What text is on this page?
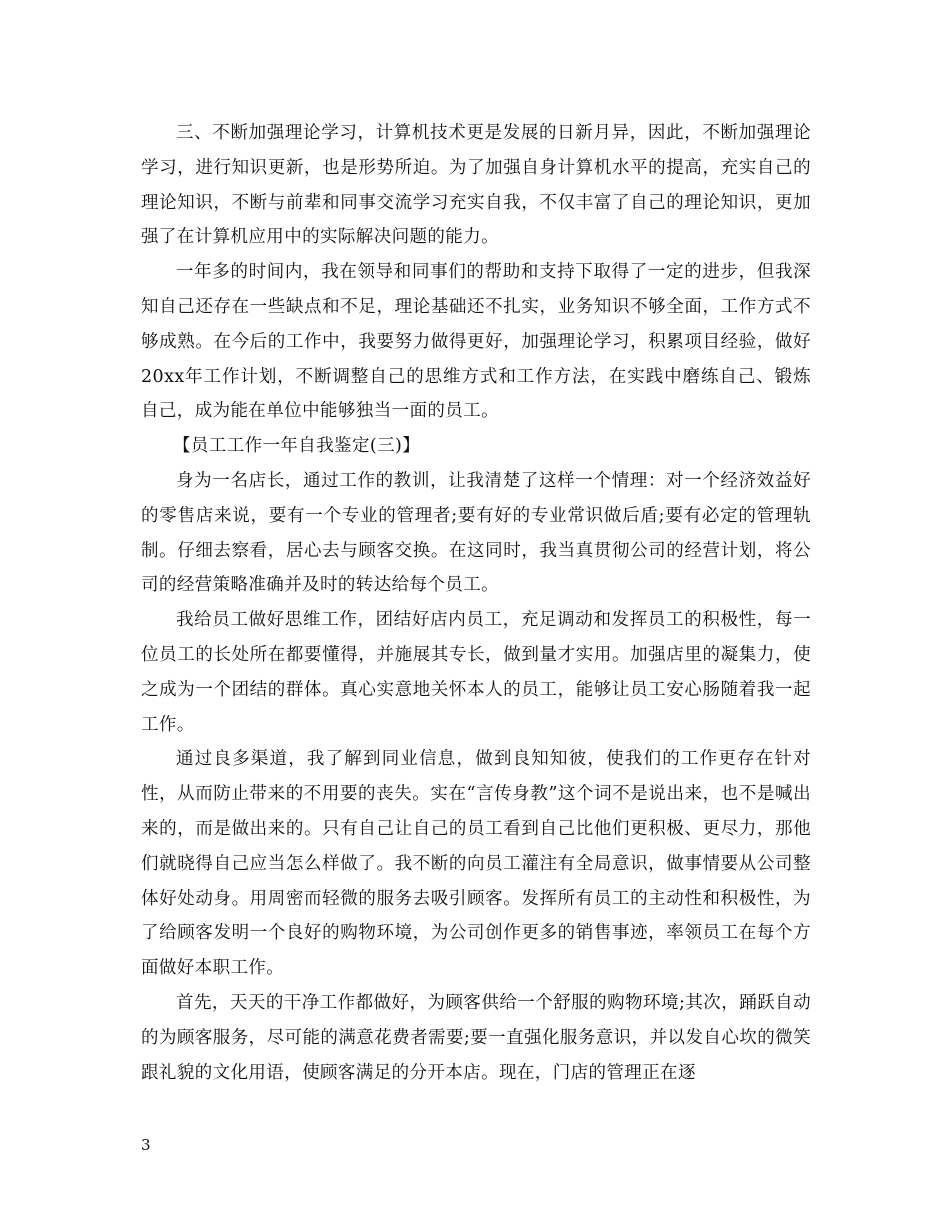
三、不断加强理论学习，计算机技术更是发展的日新月异，因此，不断加强理论学习，进行知识更新，也是形势所迫。为了加强自身计算机水平的提高，充实自己的理论知识，不断与前辈和同事交流学习充实自我，不仅丰富了自己的理论知识，更加强了在计算机应用中的实际解决问题的能力。

一年多的时间内，我在领导和同事们的帮助和支持下取得了一定的进步，但我深知自己还存在一些缺点和不足，理论基础还不扎实，业务知识不够全面，工作方式不够成熟。在今后的工作中，我要努力做得更好，加强理论学习，积累项目经验，做好20xx年工作计划，不断调整自己的思维方式和工作方法，在实践中磨练自己、锻炼自己，成为能在单位中能够独当一面的员工。

【员工工作一年自我鉴定(三)】

身为一名店长，通过工作的教训，让我清楚了这样一个情理：对一个经济效益好的零售店来说，要有一个专业的管理者;要有好的专业常识做后盾;要有必定的管理轨制。仔细去察看，居心去与顾客交换。在这同时，我当真贯彻公司的经营计划，将公司的经营策略准确并及时的转达给每个员工。

我给员工做好思维工作，团结好店内员工，充足调动和发挥员工的积极性，每一位员工的长处所在都要懂得，并施展其专长，做到量才实用。加强店里的凝集力，使之成为一个团结的群体。真心实意地关怀本人的员工，能够让员工安心肠随着我一起工作。

通过良多渠道，我了解到同业信息，做到良知知彼，使我们的工作更存在针对性，从而防止带来的不用要的丧失。实在“言传身教”这个词不是说出来，也不是喊出来的，而是做出来的。只有自己让自己的员工看到自己比他们更积极、更尽力，那他们就晓得自己应当怎么样做了。我不断的向员工灌注有全局意识，做事情要从公司整体好处动身。用周密而轻微的服务去吸引顾客。发挥所有员工的主动性和积极性，为了给顾客发明一个良好的购物环境，为公司创作更多的销售事迹，率领员工在每个方面做好本职工作。

首先，天天的干净工作都做好，为顾客供给一个舒服的购物环境;其次，踊跃自动的为顾客服务，尽可能的满意花费者需要;要一直强化服务意识，并以发自心坎的微笑跟礼貌的文化用语，使顾客满足的分开本店。现在，门店的管理正在逐

3
